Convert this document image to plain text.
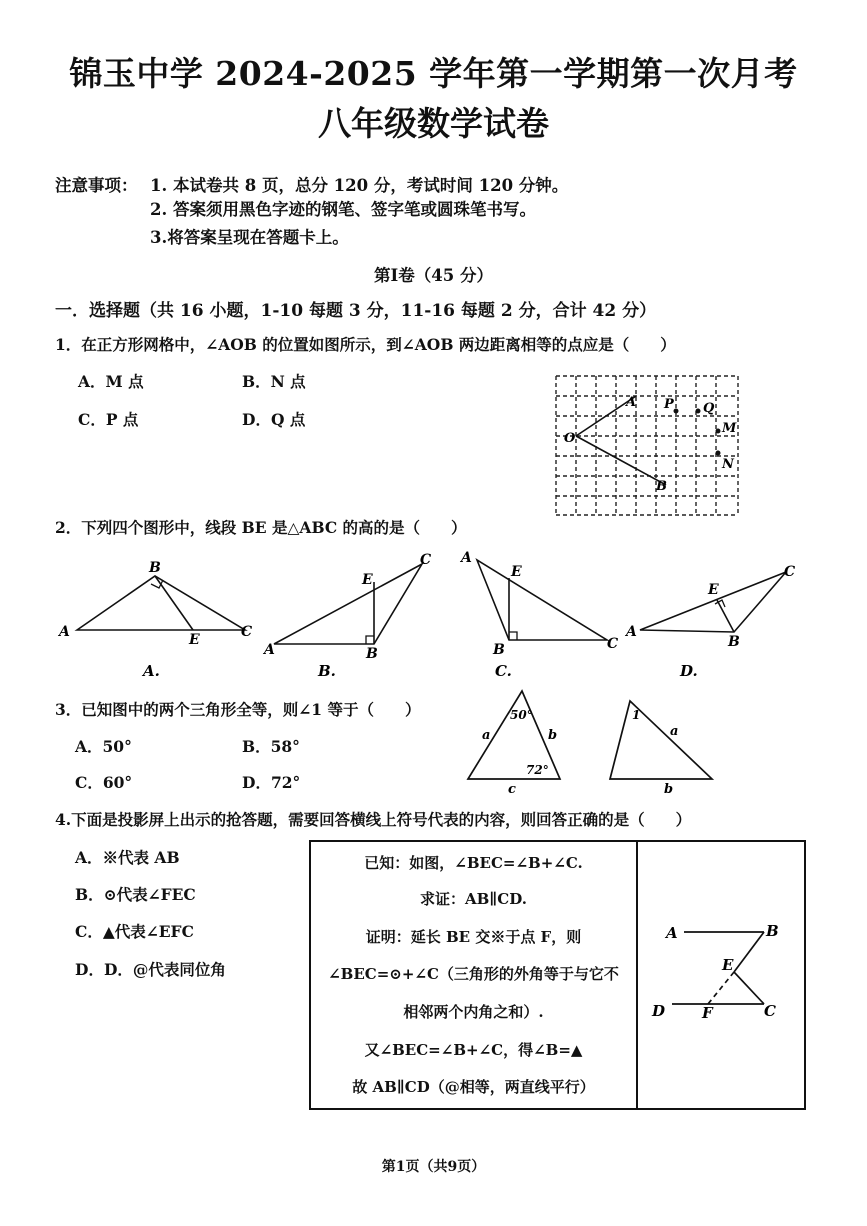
锦玉中学 2024-2025 学年第一学期第一次月考
八年级数学试卷
注意事项： 1. 本试卷共 8 页，总分 120 分，考试时间 120 分钟。
2. 答案须用黑色字迹的钢笔、签字笔或圆珠笔书写。
3.将答案呈现在答题卡上。
第Ⅰ卷（45 分）
一．选择题（共 16 小题，1-10 每题 3 分，11-16 每题 2 分，合计 42 分）
1．在正方形网格中，∠AOB 的位置如图所示，到∠AOB 两边距离相等的点应是（　　）
A．M 点	B．N 点
C．P 点	D．Q 点
O
A
B
P Q
M
N
2．下列四个图形中，线段 BE 是△ABC 的高的是（　　）
A
B
E	C
A.
A	B
E
C
B.
A
E
B	C
C.
A
E
B
C
D.
3．已知图中的两个三角形全等，则∠1 等于（　　）
A．50°	B．58°
C．60°	D．72°
50°
72°
a	b
c
1
a
b
4.下面是投影屏上出示的抢答题，需要回答横线上符号代表的内容，则回答正确的是（　　）
A．※代表 AB
B．⊙代表∠FEC
C．▲代表∠EFC
D．D．@代表同位角
已知：如图，∠BEC=∠B+∠C.
求证：AB∥CD.
证明：延长 BE 交※于点 F，则
∠BEC=⊙+∠C（三角形的外角等于与它不
相邻两个内角之和）.
又∠BEC=∠B+∠C，得∠B=▲
故 AB∥CD（@相等，两直线平行）
A	B
E
D F	C
第1页（共9页）
